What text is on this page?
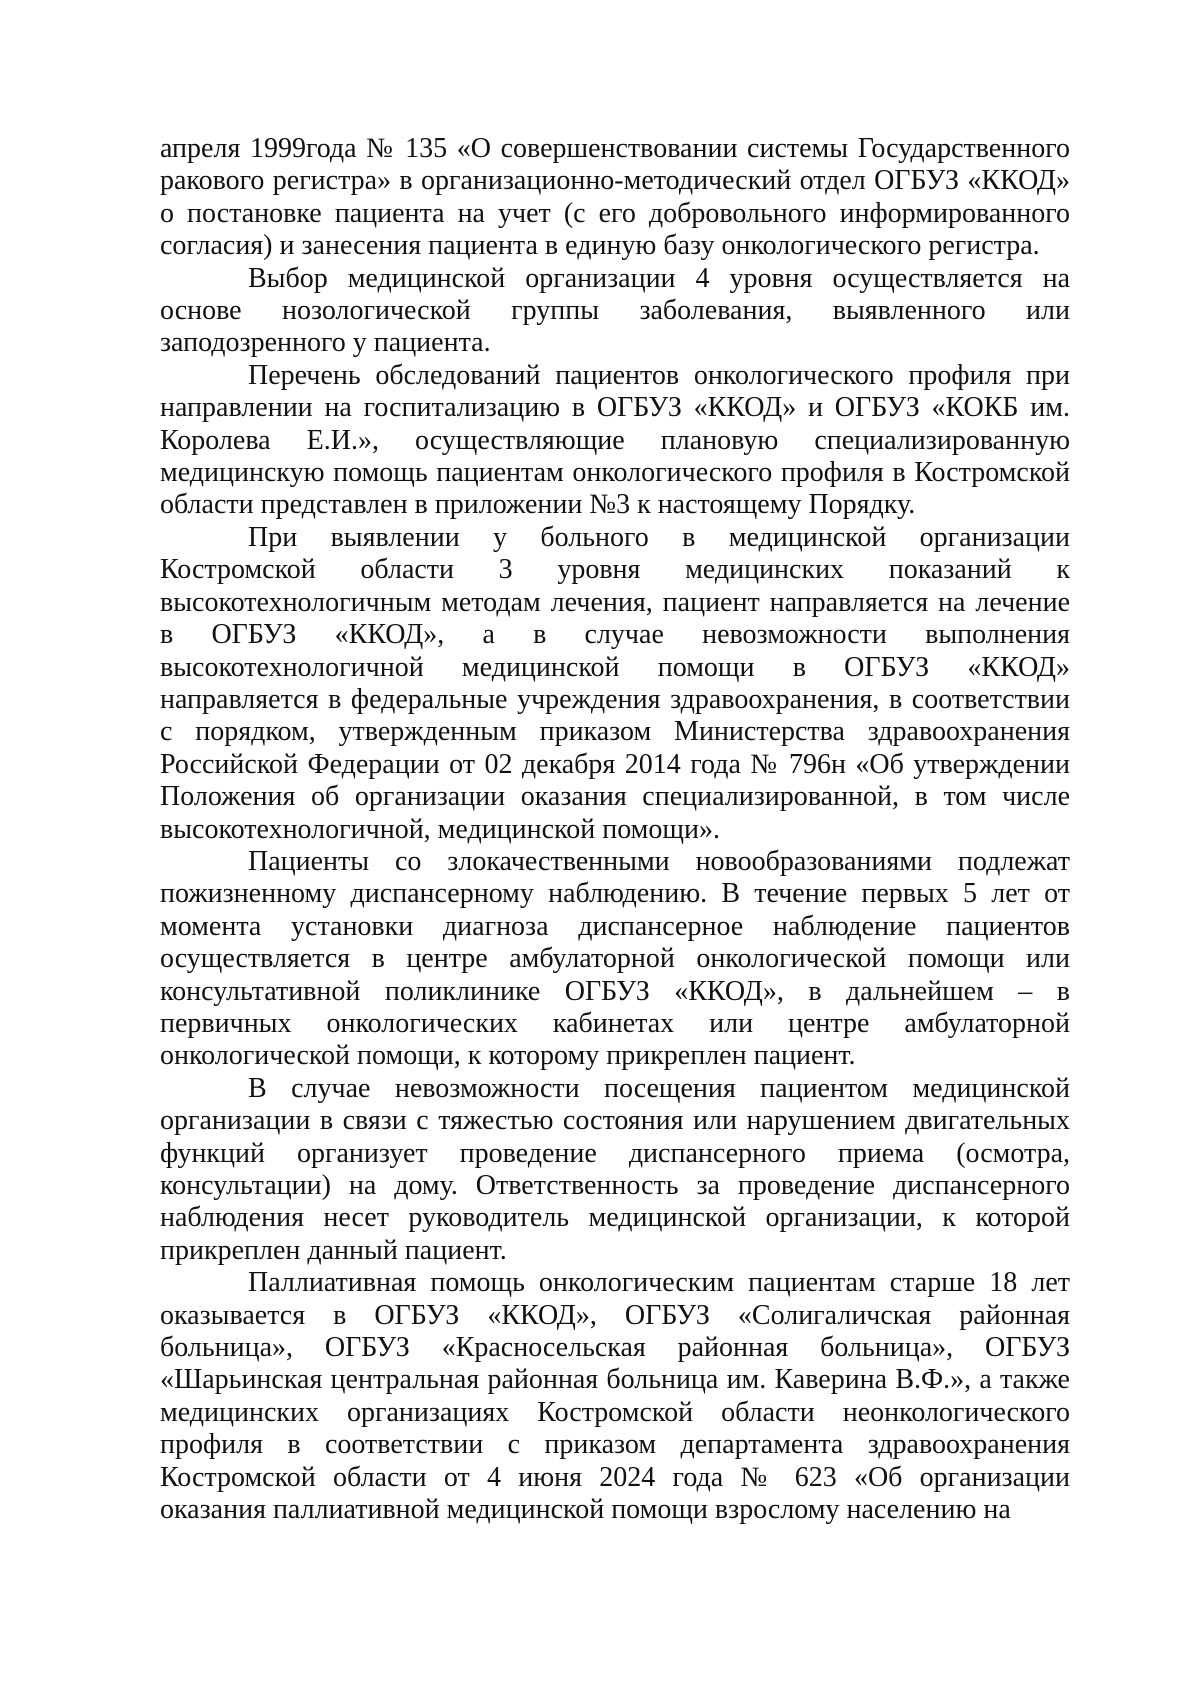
апреля 1999года № 135 «О совершенствовании системы Государственного ракового регистра» в организационно-методический отдел ОГБУЗ «ККОД» о постановке пациента на учет (с его добровольного информированного согласия) и занесения пациента в единую базу онкологического регистра.

Выбор медицинской организации 4 уровня осуществляется на основе нозологической группы заболевания, выявленного или заподозренного у пациента.

Перечень обследований пациентов онкологического профиля при направлении на госпитализацию в ОГБУЗ «ККОД» и ОГБУЗ «КОКБ им. Королева Е.И.», осуществляющие плановую специализированную медицинскую помощь пациентам онкологического профиля в Костромской области представлен в приложении №3 к настоящему Порядку.

При выявлении у больного в медицинской организации Костромской области 3 уровня медицинских показаний к высокотехнологичным методам лечения, пациент направляется на лечение в ОГБУЗ «ККОД», а в случае невозможности выполнения высокотехнологичной медицинской помощи в ОГБУЗ «ККОД» направляется в федеральные учреждения здравоохранения, в соответствии с порядком, утвержденным приказом Министерства здравоохранения Российской Федерации от 02 декабря 2014 года № 796н «Об утверждении Положения об организации оказания специализированной, в том числе высокотехнологичной, медицинской помощи».

Пациенты со злокачественными новообразованиями подлежат пожизненному диспансерному наблюдению. В течение первых 5 лет от момента установки диагноза диспансерное наблюдение пациентов осуществляется в центре амбулаторной онкологической помощи или консультативной поликлинике ОГБУЗ «ККОД», в дальнейшем – в первичных онкологических кабинетах или центре амбулаторной онкологической помощи, к которому прикреплен пациент.

В случае невозможности посещения пациентом медицинской организации в связи с тяжестью состояния или нарушением двигательных функций организует проведение диспансерного приема (осмотра, консультации) на дому. Ответственность за проведение диспансерного наблюдения несет руководитель медицинской организации, к которой прикреплен данный пациент.

Паллиативная помощь онкологическим пациентам старше 18 лет оказывается в ОГБУЗ «ККОД», ОГБУЗ «Солигаличская районная больница», ОГБУЗ «Красносельская районная больница», ОГБУЗ «Шарьинская центральная районная больница им. Каверина В.Ф.», а также медицинских организациях Костромской области неонкологического профиля в соответствии с приказом департамента здравоохранения Костромской области от 4 июня 2024 года № 623 «Об организации оказания паллиативной медицинской помощи взрослому населению на
